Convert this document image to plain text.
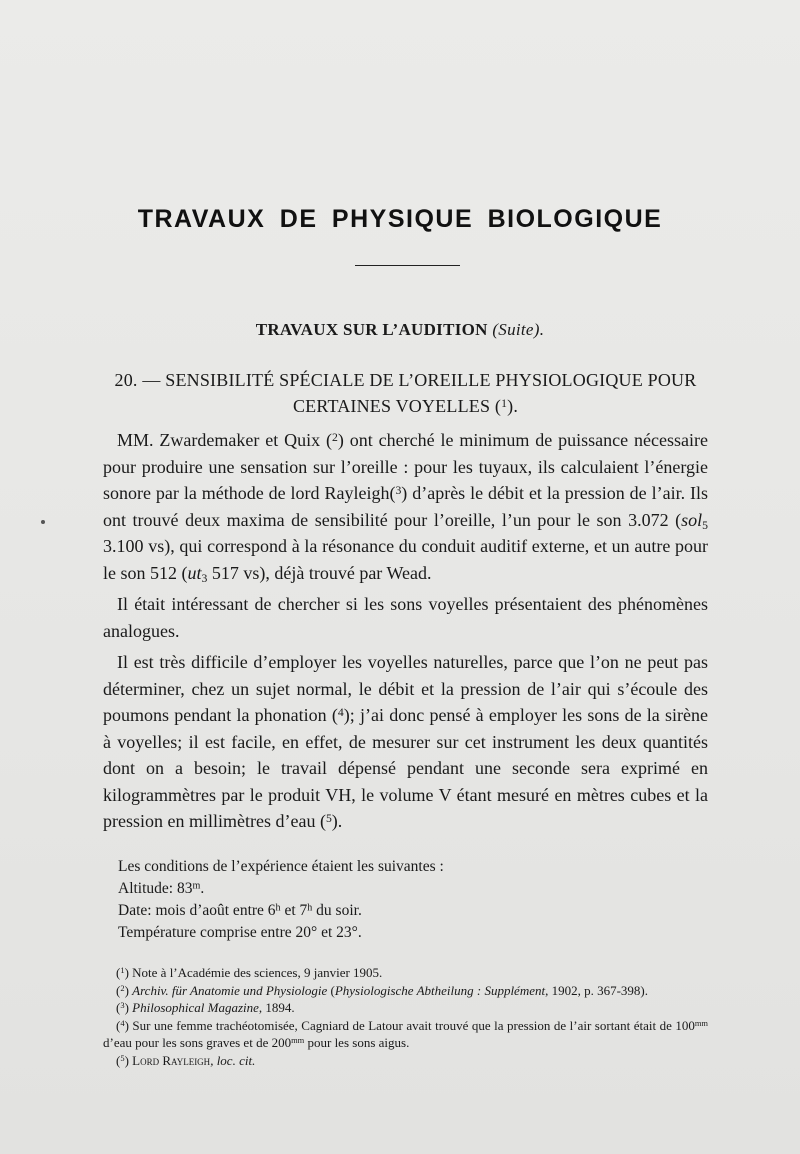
TRAVAUX DE PHYSIQUE BIOLOGIQUE
TRAVAUX SUR L’AUDITION (Suite).
20. — SENSIBILITÉ SPÉCIALE DE L’OREILLE PHYSIOLOGIQUE POUR
CERTAINES VOYELLES ($^1$).

MM. Zwardemaker et Quix ($^2$) ont cherché le minimum de puissance nécessaire pour produire une sensation sur l’oreille : pour les tuyaux, ils calculaient l’énergie sonore par la méthode de lord Rayleigh($^3$) d’après le débit et la pression de l’air. Ils ont trouvé deux maxima de sensibilité pour l’oreille, l’un pour le son 3.072 (sol$_5$ 3.100 vs), qui correspond à la résonance du conduit auditif externe, et un autre pour le son 512 ($ut_3$ 517 vs), déjà trouvé par Wead.

Il était intéressant de chercher si les sons voyelles présentaient des phénomènes analogues.

Il est très difficile d’employer les voyelles naturelles, parce que l’on ne peut pas déterminer, chez un sujet normal, le débit et la pression de l’air qui s’écoule des poumons pendant la phonation ($^4$); j’ai donc pensé à employer les sons de la sirène à voyelles; il est facile, en effet, de mesurer sur cet instrument les deux quantités dont on a besoin; le travail dépensé pendant une seconde sera exprimé en kilogrammètres par le produit VH, le volume V étant mesuré en mètres cubes et la pression en millimètres d’eau ($^5$).

Les conditions de l’expérience étaient les suivantes :
Altitude: 83$^m$.
Date: mois d’août entre 6$^h$ et 7$^h$ du soir.
Température comprise entre 20° et 23°.
($^1$) Note à l’Académie des sciences, 9 janvier 1905.
($^2$) Archiv. für Anatomie und Physiologie (Physiologische Abtheilung : Supplément, 1902, p. 367-398).
($^3$) Philosophical Magazine, 1894.
($^4$) Sur une femme trachéotomisée, Cagniard de Latour avait trouvé que la pression de l’air sortant était de $100^{mm}$ d’eau pour les sons graves et de $200^{mm}$ pour les sons aigus.
($^5$) Lord Rayleigh, loc. cit.
